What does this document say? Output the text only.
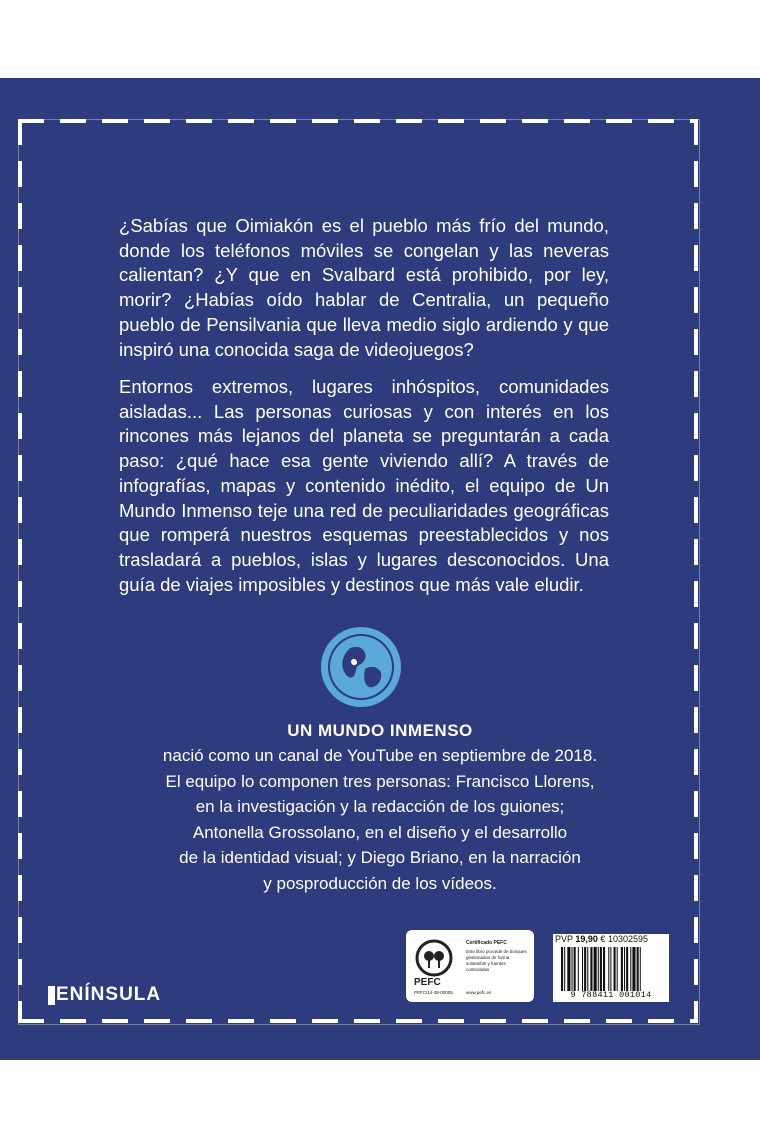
¿Sabías que Oimiakón es el pueblo más frío del mundo, donde los teléfonos móviles se congelan y las neveras calientan? ¿Y que en Svalbard está prohibido, por ley, morir? ¿Habías oído hablar de Centralia, un pequeño pueblo de Pensilvania que lleva medio siglo ardiendo y que inspiró una conocida saga de videojuegos?

Entornos extremos, lugares inhóspitos, comunidades aisladas... Las personas curiosas y con interés en los rincones más lejanos del planeta se preguntarán a cada paso: ¿qué hace esa gente viviendo allí? A través de infografías, mapas y contenido inédito, el equipo de Un Mundo Inmenso teje una red de peculiaridades geográficas que romperá nuestros esquemas preestablecidos y nos trasladará a pueblos, islas y lugares desconocidos. Una guía de viajes imposibles y destinos que más vale eludir.

UN MUNDO INMENSO
nació como un canal de YouTube en septiembre de 2018.
El equipo lo componen tres personas: Francisco Llorens,
en la investigación y la redacción de los guiones;
Antonella Grossolano, en el diseño y el desarrollo
de la identidad visual; y Diego Briano, en la narración
y posproducción de los vídeos.
ENÍNSULA
PEFC
PEFC/14-38-00005
Certificado PEFC
Este libro procede de bosques gestionados de forma sostenible y fuentes controladas
www.pefc.es
PVP 19,90 € 10302595
9 788411 001014
